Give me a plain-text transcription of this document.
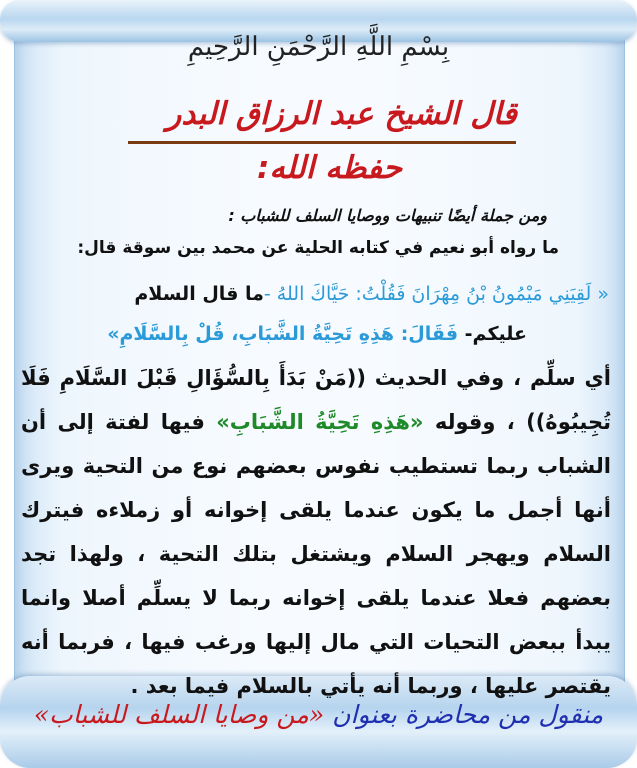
بِسْمِ اللَّهِ الرَّحْمَنِ الرَّحِيمِ
قال الشيخ عبد الرزاق البدر
حفظه الله:
ومن جملة أيضًا تنبيهات ووصايا السلف للشباب :
ما رواه أبو نعيم في كتابه الحلية عن محمد بين سوقة قال:
« لَقِيَنِي مَيْمُونُ بْنُ مِهْرَانَ فَقُلْتُ: حَيَّاكَ اللهُ -ما قال السلام
عليكم- فَقَالَ: هَذِهِ تَحِيَّةُ الشَّبَابِ، قُلْ بِالسَّلَامِ»
أي سلِّم ، وفي الحديث ((مَنْ بَدَأَ بِالسُّؤَالِ قَبْلَ السَّلَامِ فَلَا تُجِيبُوهُ)) ، وقوله «هَذِهِ تَحِيَّةُ الشَّبَابِ» فيها لفتة إلى أن الشباب ربما تستطيب نفوس بعضهم نوع من التحية ويرى أنها أجمل ما يكون عندما يلقى إخوانه أو زملاءه فيترك السلام ويهجر السلام ويشتغل بتلك التحية ، ولهذا تجد بعضهم فعلا عندما يلقى إخوانه ربما لا يسلِّم أصلا وانما يبدأ ببعض التحيات التي مال إليها ورغب فيها ، فربما أنه يقتصر عليها ، وربما أنه يأتي بالسلام فيما بعد .
منقول من محاضرة بعنوان «من وصايا السلف للشباب»
